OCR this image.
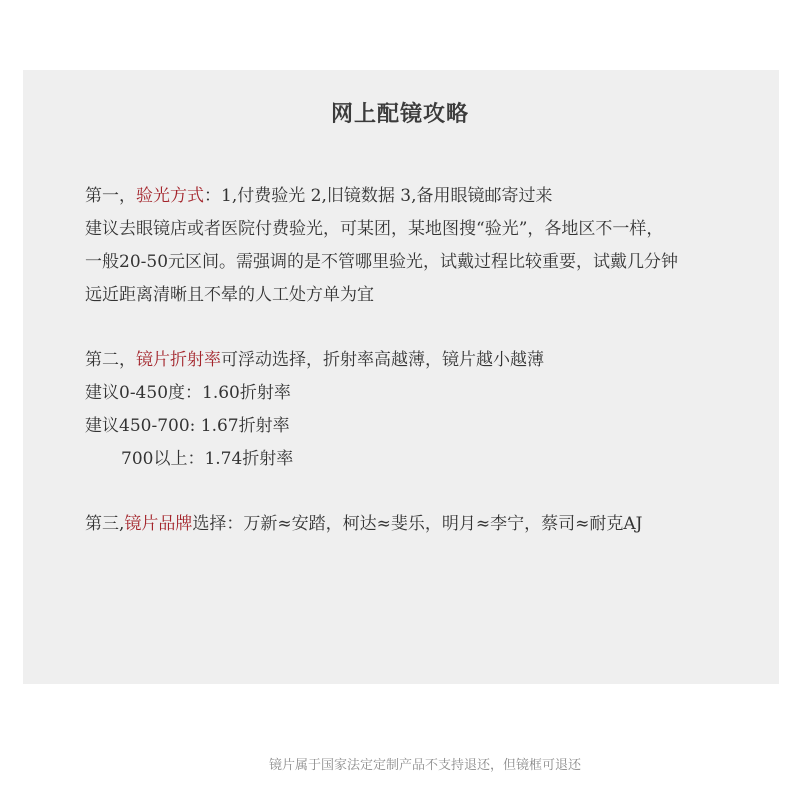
网上配镜攻略
第一，验光方式：1,付费验光 2,旧镜数据 3,备用眼镜邮寄过来
建议去眼镜店或者医院付费验光，可某团，某地图搜“验光”，各地区不一样，
一般20-50元区间。需强调的是不管哪里验光，试戴过程比较重要，试戴几分钟
远近距离清晰且不晕的人工处方单为宜
第二，镜片折射率可浮动选择，折射率高越薄，镜片越小越薄
建议0-450度：1.60折射率
建议450-700: 1.67折射率
700以上：1.74折射率
第三,镜片品牌选择：万新≈安踏，柯达≈斐乐，明月≈李宁，蔡司≈耐克AJ
镜片属于国家法定定制产品不支持退还，但镜框可退还
